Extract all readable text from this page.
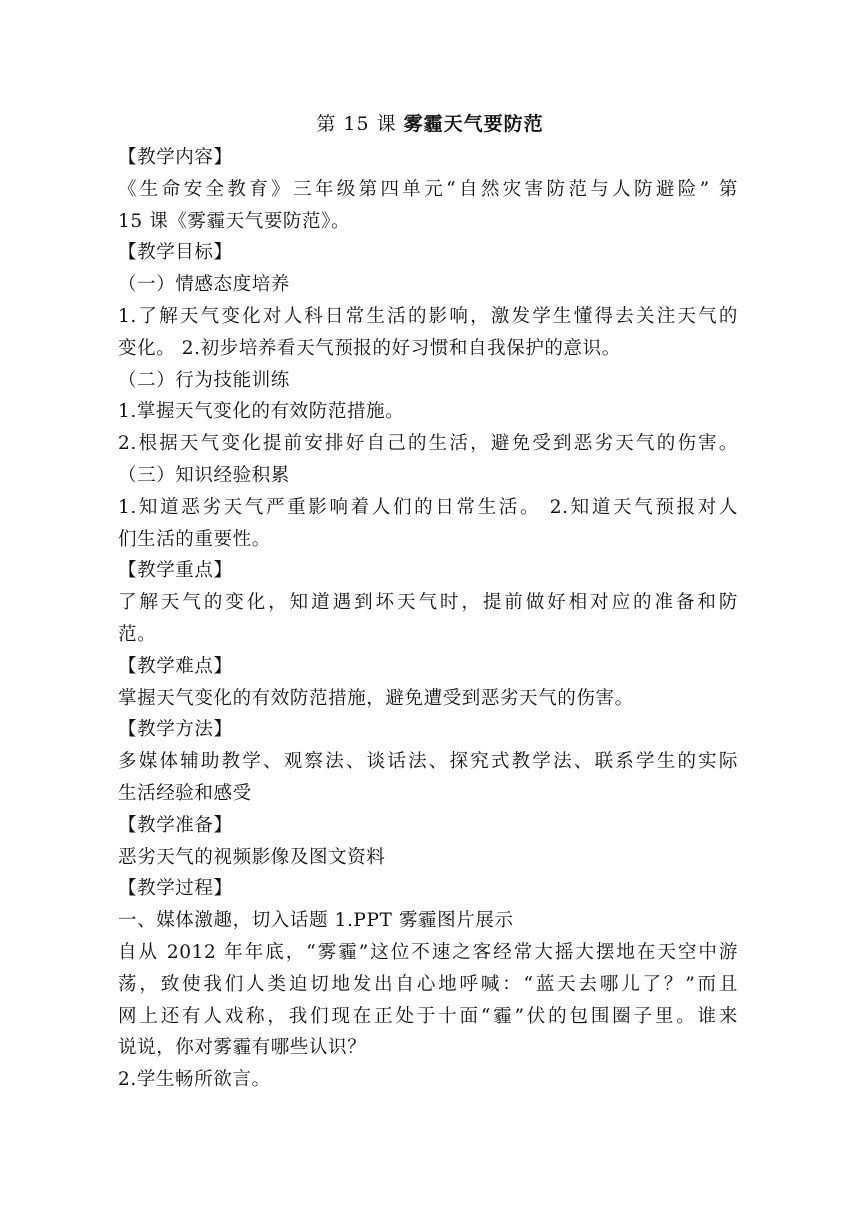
第 15 课 雾霾天气要防范
【教学内容】
《生命安全教育》三年级第四单元“自然灾害防范与人防避险” 第
15 课《雾霾天气要防范》。
【教学目标】
（一）情感态度培养
1.了解天气变化对人科日常生活的影响，激发学生懂得去关注天气的
变化。 2.初步培养看天气预报的好习惯和自我保护的意识。
（二）行为技能训练
1.掌握天气变化的有效防范措施。
2.根据天气变化提前安排好自己的生活，避免受到恶劣天气的伤害。
（三）知识经验积累
1.知道恶劣天气严重影响着人们的日常生活。 2.知道天气预报对人
们生活的重要性。
【教学重点】
了解天气的变化，知道遇到坏天气时，提前做好相对应的准备和防
范。
【教学难点】
掌握天气变化的有效防范措施，避免遭受到恶劣天气的伤害。
【教学方法】
多媒体辅助教学、观察法、谈话法、探究式教学法、联系学生的实际
生活经验和感受
【教学准备】
恶劣天气的视频影像及图文资料
【教学过程】
一、媒体激趣，切入话题 1.PPT 雾霾图片展示
自从 2012 年年底，“雾霾”这位不速之客经常大摇大摆地在天空中游
荡，致使我们人类迫切地发出自心地呼喊：“蓝天去哪儿了？”而且
网上还有人戏称，我们现在正处于十面“霾”伏的包围圈子里。谁来
说说，你对雾霾有哪些认识？
2.学生畅所欲言。
